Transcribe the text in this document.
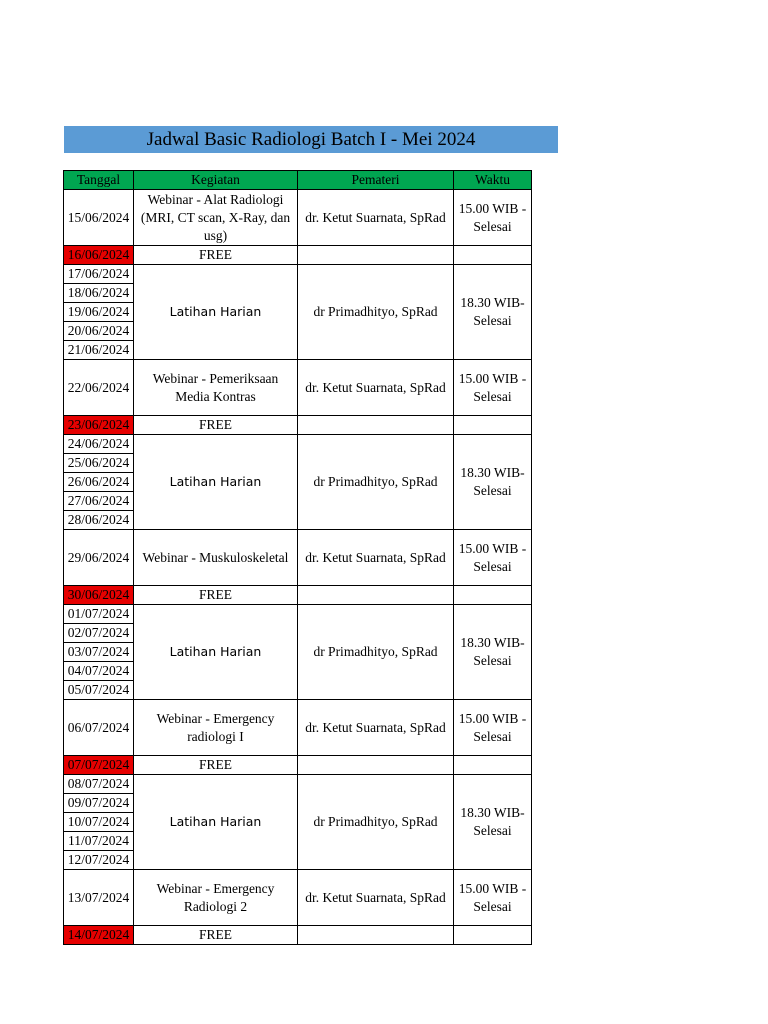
Jadwal Basic Radiologi Batch I - Mei 2024
Tanggal	Kegiatan	Pemateri	Waktu
15/06/2024	Webinar - Alat Radiologi (MRI, CT scan, X-Ray, dan usg)	dr. Ketut Suarnata, SpRad	15.00 WIB - Selesai
16/06/2024	FREE		
17/06/2024	Latihan Harian	dr Primadhityo, SpRad	18.30 WIB- Selesai
18/06/2024			
19/06/2024			
20/06/2024			
21/06/2024			
22/06/2024	Webinar - Pemeriksaan Media Kontras	dr. Ketut Suarnata, SpRad	15.00 WIB - Selesai
23/06/2024	FREE		
24/06/2024	Latihan Harian	dr Primadhityo, SpRad	18.30 WIB- Selesai
25/06/2024			
26/06/2024			
27/06/2024			
28/06/2024			
29/06/2024	Webinar - Muskuloskeletal	dr. Ketut Suarnata, SpRad	15.00 WIB - Selesai
30/06/2024	FREE		
01/07/2024	Latihan Harian	dr Primadhityo, SpRad	18.30 WIB- Selesai
02/07/2024			
03/07/2024			
04/07/2024			
05/07/2024			
06/07/2024	Webinar - Emergency radiologi I	dr. Ketut Suarnata, SpRad	15.00 WIB - Selesai
07/07/2024	FREE		
08/07/2024	Latihan Harian	dr Primadhityo, SpRad	18.30 WIB- Selesai
09/07/2024			
10/07/2024			
11/07/2024			
12/07/2024			
13/07/2024	Webinar - Emergency Radiologi 2	dr. Ketut Suarnata, SpRad	15.00 WIB - Selesai
14/07/2024	FREE		
